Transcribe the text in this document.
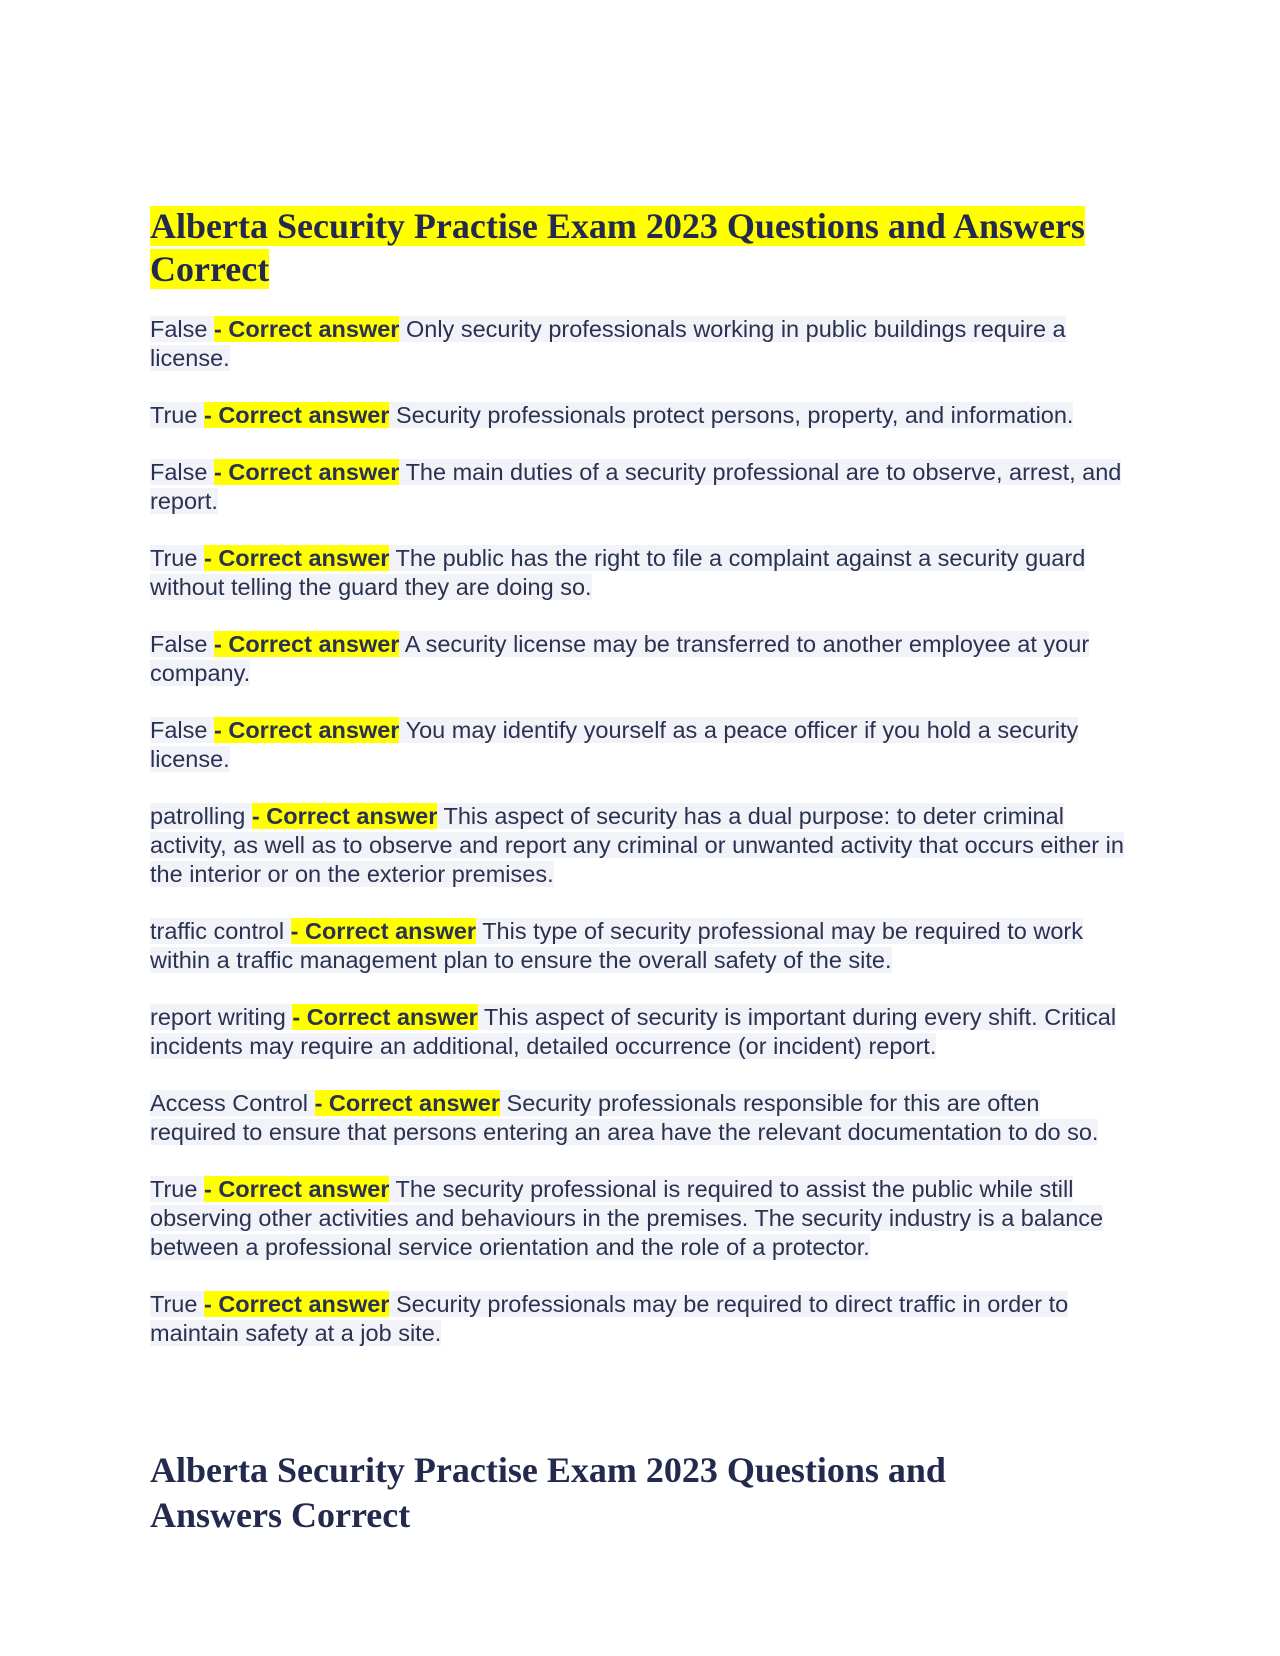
Alberta Security Practise Exam 2023 Questions and Answers Correct

False - Correct answer Only security professionals working in public buildings require a license.

True - Correct answer Security professionals protect persons, property, and information.

False - Correct answer The main duties of a security professional are to observe, arrest, and report.

True - Correct answer The public has the right to file a complaint against a security guard without telling the guard they are doing so.

False - Correct answer A security license may be transferred to another employee at your company.

False - Correct answer You may identify yourself as a peace officer if you hold a security license.

patrolling - Correct answer This aspect of security has a dual purpose: to deter criminal activity, as well as to observe and report any criminal or unwanted activity that occurs either in the interior or on the exterior premises.

traffic control - Correct answer This type of security professional may be required to work within a traffic management plan to ensure the overall safety of the site.

report writing - Correct answer This aspect of security is important during every shift. Critical incidents may require an additional, detailed occurrence (or incident) report.

Access Control - Correct answer Security professionals responsible for this are often required to ensure that persons entering an area have the relevant documentation to do so.

True - Correct answer The security professional is required to assist the public while still observing other activities and behaviours in the premises. The security industry is a balance between a professional service orientation and the role of a protector.

True - Correct answer Security professionals may be required to direct traffic in order to maintain safety at a job site.

Alberta Security Practise Exam 2023 Questions and Answers Correct
